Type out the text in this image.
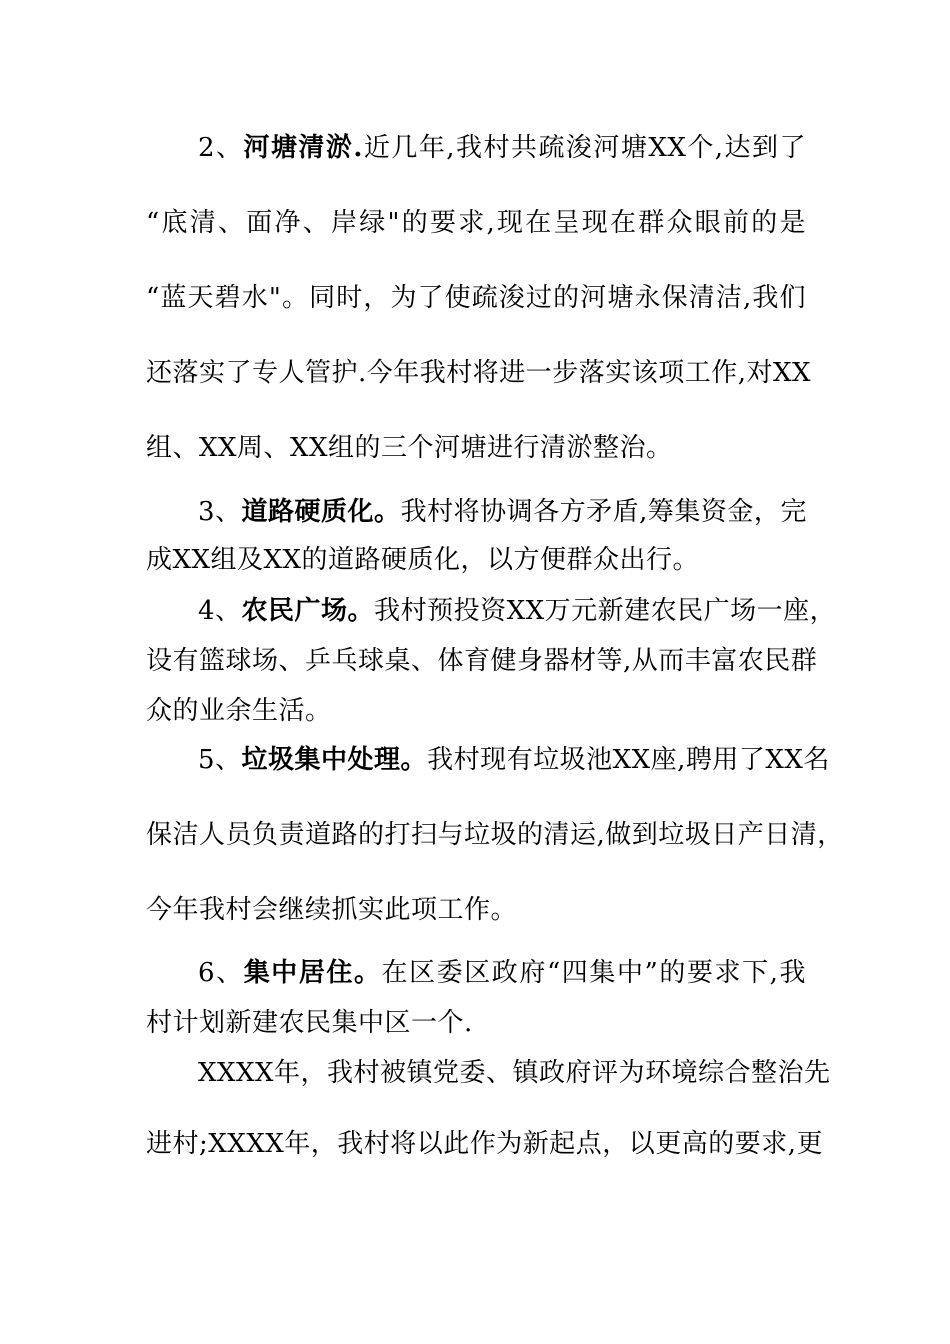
2、河塘清淤.近几年,我村共疏浚河塘XX个,达到了
“底清、面净、岸绿"的要求,现在呈现在群众眼前的是
“蓝天碧水"。同时，为了使疏浚过的河塘永保清洁,我们
还落实了专人管护.今年我村将进一步落实该项工作,对XX
组、XX周、XX组的三个河塘进行清淤整治。
3、道路硬质化。我村将协调各方矛盾,筹集资金，完
成XX组及XX的道路硬质化，以方便群众出行。
4、农民广场。我村预投资XX万元新建农民广场一座，
设有篮球场、乒乓球桌、体育健身器材等,从而丰富农民群
众的业余生活。
5、垃圾集中处理。我村现有垃圾池XX座,聘用了XX名
保洁人员负责道路的打扫与垃圾的清运,做到垃圾日产日清，
今年我村会继续抓实此项工作。
6、集中居住。在区委区政府“四集中”的要求下,我
村计划新建农民集中区一个.
XXXX年，我村被镇党委、镇政府评为环境综合整治先
进村;XXXX年，我村将以此作为新起点，以更高的要求,更
